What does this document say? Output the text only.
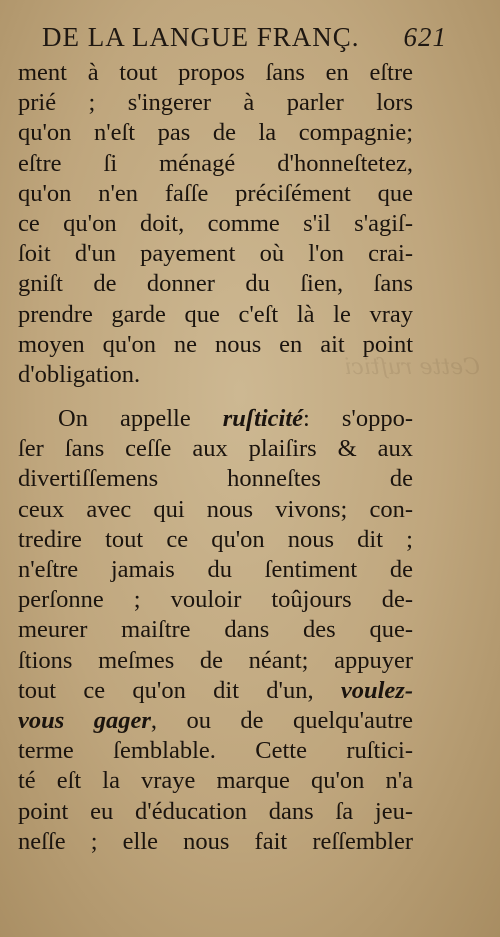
Cette ruſtici
DE LA LANGUE FRANÇ. 621
ment à tout propos ſans en eſtre
prié ; s'ingerer à parler lors
qu'on n'eſt pas de la compagnie;
eſtre ſi ménagé d'honneſtetez,
qu'on n'en faſſe préciſément que
ce qu'on doit, comme s'il s'agiſ-
ſoit d'un payement où l'on crai-
gniſt de donner du ſien, ſans
prendre garde que c'eſt là le vray
moyen qu'on ne nous en ait point
d'obligation.
On appelle ruſticité: s'oppo-
ſer ſans ceſſe aux plaiſirs & aux
divertiſſemens honneſtes de
ceux avec qui nous vivons; con-
tredire tout ce qu'on nous dit ;
n'eſtre jamais du ſentiment de
perſonne ; vouloir toûjours de-
meurer maiſtre dans des que-
ſtions meſmes de néant; appuyer
tout ce qu'on dit d'un, voulez-
vous gager, ou de quelqu'autre
terme ſemblable. Cette ruſtici-
té eſt la vraye marque qu'on n'a
point eu d'éducation dans ſa jeu-
neſſe ; elle nous fait reſſembler
